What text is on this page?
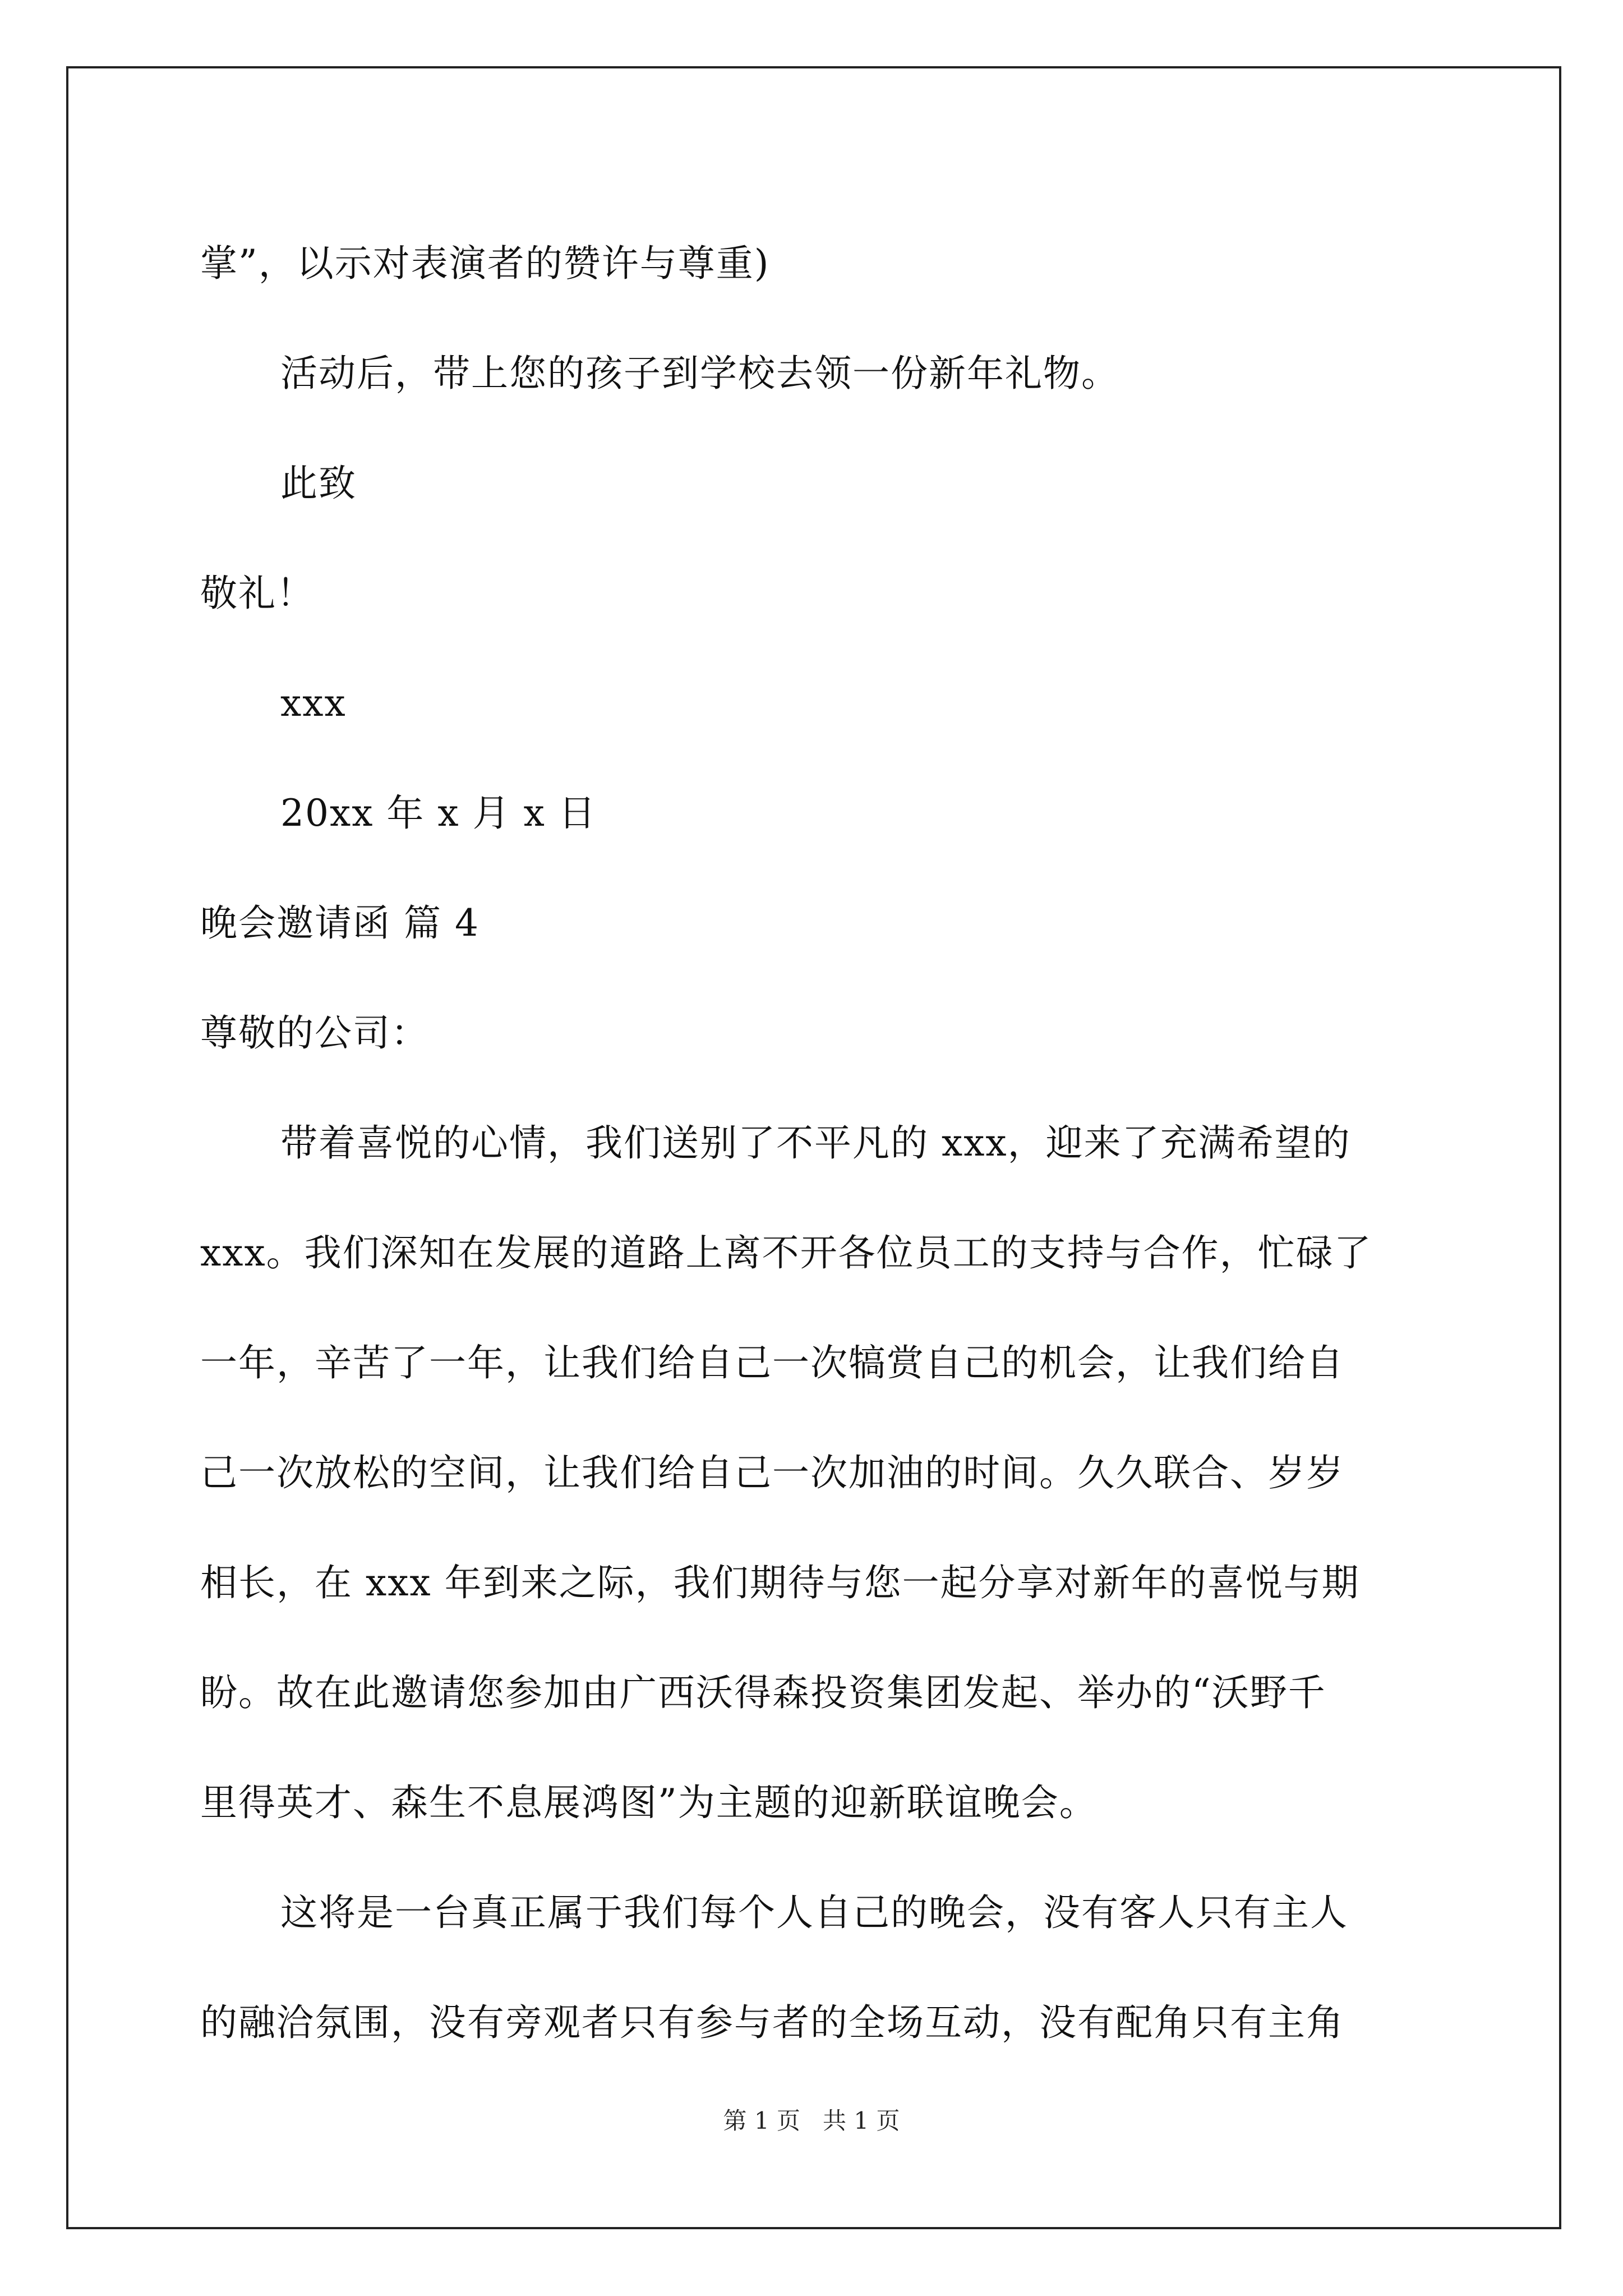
掌”，以示对表演者的赞许与尊重)
活动后，带上您的孩子到学校去领一份新年礼物。
此致
敬礼！
xxx
20xx 年 x 月 x 日
晚会邀请函 篇 4
尊敬的公司：
带着喜悦的心情，我们送别了不平凡的 xxx，迎来了充满希望的
xxx。我们深知在发展的道路上离不开各位员工的支持与合作，忙碌了
一年，辛苦了一年，让我们给自己一次犒赏自己的机会，让我们给自
己一次放松的空间，让我们给自己一次加油的时间。久久联合、岁岁
相长，在 xxx 年到来之际，我们期待与您一起分享对新年的喜悦与期
盼。故在此邀请您参加由广西沃得森投资集团发起、举办的“沃野千
里得英才、森生不息展鸿图”为主题的迎新联谊晚会。
这将是一台真正属于我们每个人自己的晚会，没有客人只有主人
的融洽氛围，没有旁观者只有参与者的全场互动，没有配角只有主角
第 1 页   共 1 页
